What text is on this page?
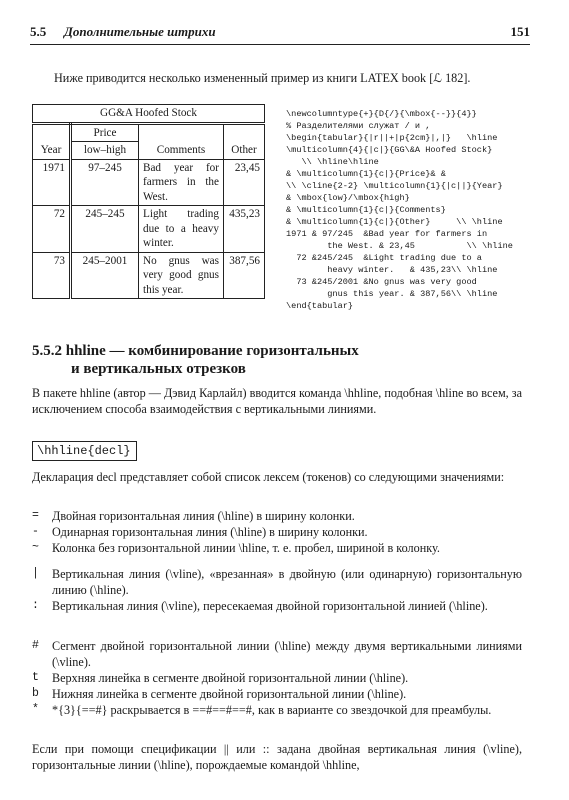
5.5 Дополнительные штрихи	151
Ниже приводится несколько измененный пример из книги LATEX book [ℒ 182].
GG&A Hoofed Stock			
	Price		
Year	low–high	Comments	Other
1971	97–245	Bad year for farmers in the West.	23,45
72	245–245	Light trading due to a heavy winter.	435,23
73	245–2001	No gnus was very good gnus this year.	387,56

\newcolumntype{+}{D{/}{\mbox{--}}{4}}
% Разделителями служат / и ,
\begin{tabular}{|r||+|p{2cm}|,|}   \hline
\multicolumn{4}{|c|}{GG\&A Hoofed Stock}
\\ \hline\hline
& \multicolumn{1}{c|}{Price}& &
\\ \cline{2-2} \multicolumn{1}{|c||}{Year}
& \mbox{low}/\mbox{high}
& \multicolumn{1}{c|}{Comments}
& \multicolumn{1}{c|}{Other}     \\ \hline
1971 & 97/245  &Bad year for farmers in
the West. & 23,45          \\ \hline
72 &245/245  &Light trading due to a
heavy winter.   & 435,23\\ \hline
73 &245/2001 &No gnus was very good
gnus this year. & 387,56\\ \hline
\end{tabular}

5.5.2 hhline — комбинирование горизонтальных
и вертикальных отрезков
В пакете hhline (автор — Дэвид Карлайл) вводится команда \hhline, подобная \hline во всем, за исключением способа взаимодействия с вертикальными линиями.
\hhline{decl}
Декларация decl представляет собой список лексем (токенов) со следующими значениями:
=	Двойная горизонтальная линия (\hline) в ширину колонки.
-	Одинарная горизонтальная линия (\hline) в ширину колонки.
~	Колонка без горизонтальной линии \hline, т. е. пробел, шириной в колонку.
|	Вертикальная линия (\vline), «врезанная» в двойную (или одинарную) горизонтальную линию (\hline).
:	Вертикальная линия (\vline), пересекаемая двойной горизонтальной линией (\hline).
#	Сегмент двойной горизонтальной линии (\hline) между двумя вертикальными линиями (\vline).
t	Верхняя линейка в сегменте двойной горизонтальной линии (\hline).
b	Нижняя линейка в сегменте двойной горизонтальной линии (\hline).
*	*{3}{==#} раскрывается в ==#==#==#, как в варианте со звездочкой для преамбулы.
Если при помощи спецификации || или :: задана двойная вертикальная линия (\vline), горизонтальные линии (\hline), порождаемые командой \hhline,
